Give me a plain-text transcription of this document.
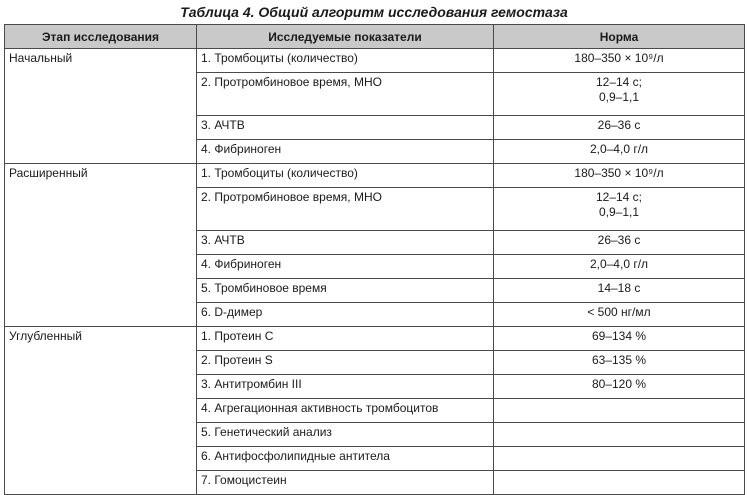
Таблица 4. Общий алгоритм исследования гемостаза

Этап исследования	Исследуемые показатели	Норма
Начальный	1. Тромбоциты (количество)	180–350 × 10⁹/л
	2. Протромбиновое время, МНО	12–14 с;
0,9–1,1

	3. АЧТВ	26–36 с
	4. Фибриноген	2,0–4,0 г/л
Расширенный	1. Тромбоциты (количество)	180–350 × 10⁹/л
	2. Протромбиновое время, МНО	12–14 с;
0,9–1,1

	3. АЧТВ	26–36 с
	4. Фибриноген	2,0–4,0 г/л
	5. Тромбиновое время	14–18 с
	6. D-димер	< 500 нг/мл
Углубленный	1. Протеин С	69–134 %
	2. Протеин S	63–135 %
	3. Антитромбин III	80–120 %
	4. Агрегационная активность тромбоцитов	
	5. Генетический анализ	
	6. Антифосфолипидные антитела	
	7. Гомоцистеин	
